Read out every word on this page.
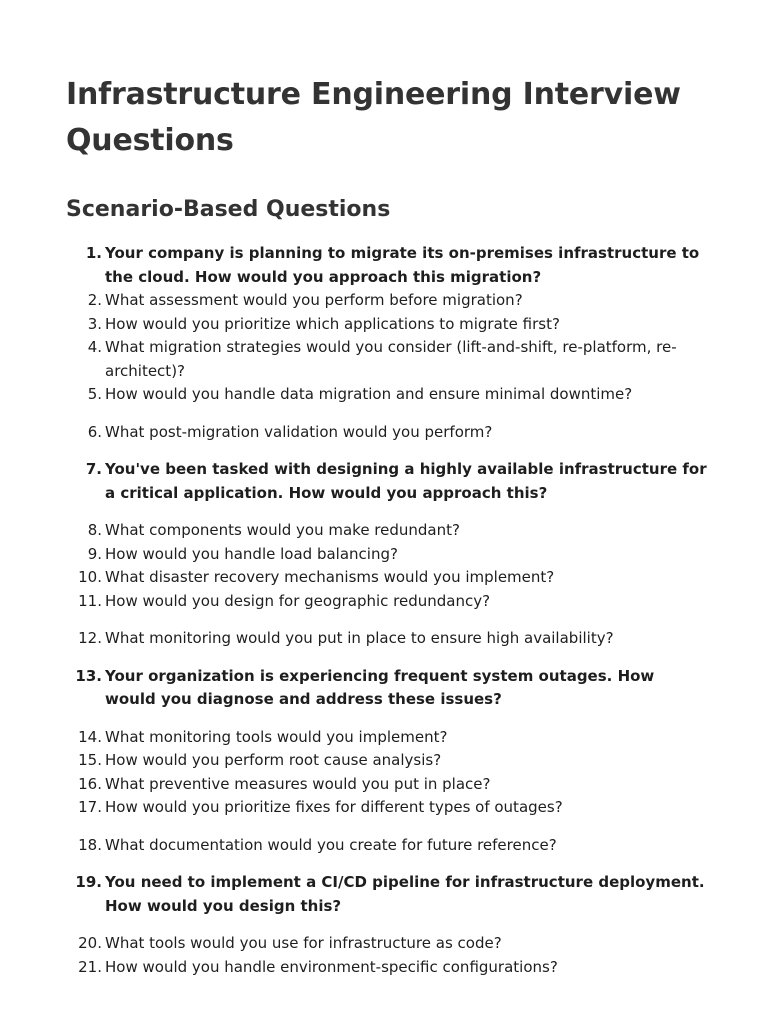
Infrastructure Engineering Interview Questions
Scenario-Based Questions
1. Your company is planning to migrate its on-premises infrastructure to the cloud. How would you approach this migration?
2. What assessment would you perform before migration?
3. How would you prioritize which applications to migrate first?
4. What migration strategies would you consider (lift-and-shift, re-platform, re-architect)?
5. How would you handle data migration and ensure minimal downtime?
6. What post-migration validation would you perform?
7. You've been tasked with designing a highly available infrastructure for a critical application. How would you approach this?
8. What components would you make redundant?
9. How would you handle load balancing?
10. What disaster recovery mechanisms would you implement?
11. How would you design for geographic redundancy?
12. What monitoring would you put in place to ensure high availability?
13. Your organization is experiencing frequent system outages. How would you diagnose and address these issues?
14. What monitoring tools would you implement?
15. How would you perform root cause analysis?
16. What preventive measures would you put in place?
17. How would you prioritize fixes for different types of outages?
18. What documentation would you create for future reference?
19. You need to implement a CI/CD pipeline for infrastructure deployment. How would you design this?
20. What tools would you use for infrastructure as code?
21. How would you handle environment-specific configurations?
